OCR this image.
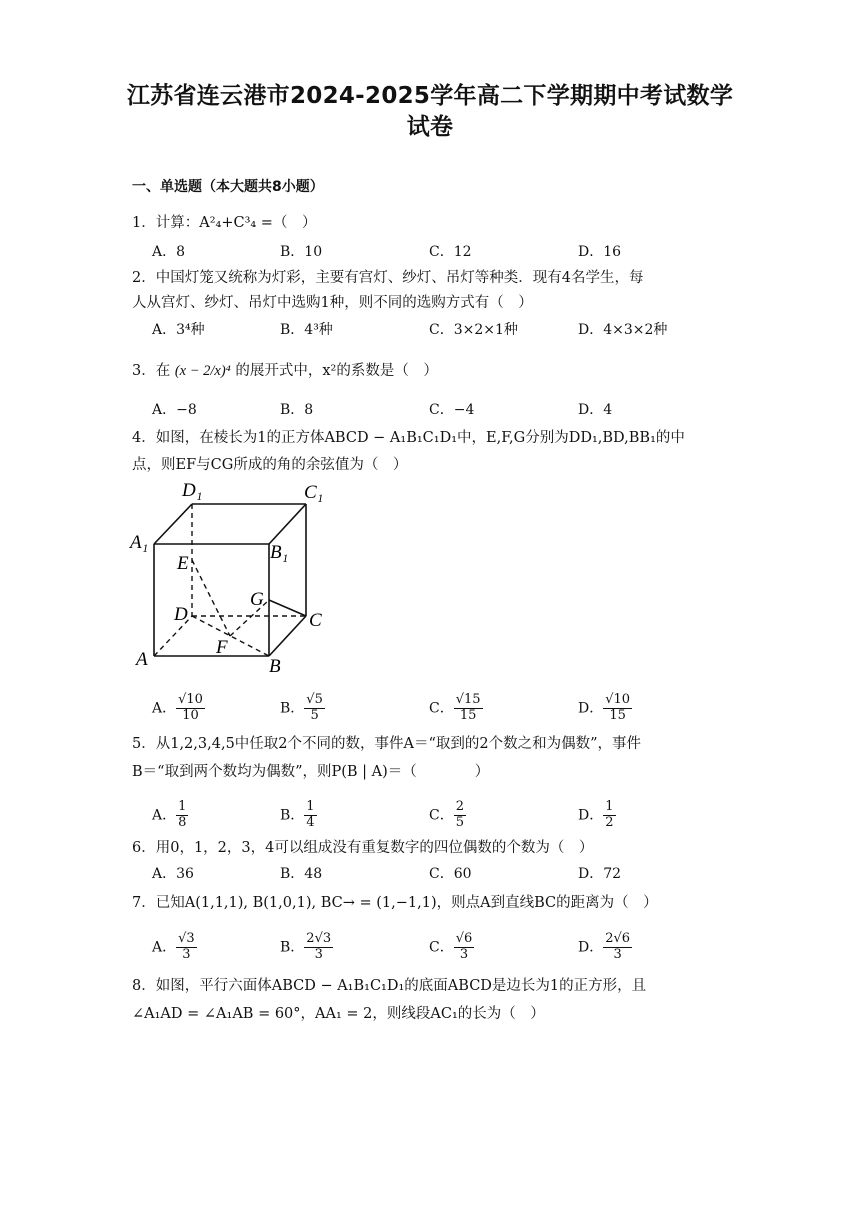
江苏省连云港市2024-2025学年高二下学期期中考试数学
试卷
一、单选题（本大题共8小题）
1．计算：A²₄+C³₄ =（　）
A．8	B．10	C．12	D．16
2．中国灯笼又统称为灯彩，主要有宫灯、纱灯、吊灯等种类．现有4名学生，每
人从宫灯、纱灯、吊灯中选购1种，则不同的选购方式有（　）
A．3⁴种	B．4³种	C．3×2×1种	D．4×3×2种
3．在 (x − 2/x)⁴ 的展开式中，x²的系数是（　）
A．−8	B．8	C．−4	D．4
4．如图，在棱长为1的正方体ABCD − A₁B₁C₁D₁中，E,F,G分别为DD₁,BD,BB₁的中
点，则EF与CG所成的角的余弦值为（　）
D₁	C₁
A₁	B₁
E
G
D	C
A
F
B
A． $\frac{√10}{10}$	B． $\frac{√5}{5}$	C． $\frac{√15}{15}$	D． $\frac{√10}{15}$
5．从1,2,3,4,5中任取2个不同的数，事件A＝“取到的2个数之和为偶数”，事件
B＝“取到两个数均为偶数”，则P(B | A)＝（　　　　）
A． $\frac{1}{8}$	B． $\frac{1}{4}$	C． $\frac{2}{5}$	D． $\frac{1}{2}$
6．用0，1，2，3，4可以组成没有重复数字的四位偶数的个数为（　）
A．36	B．48	C．60	D．72
7．已知A(1,1,1), B(1,0,1), BC→ = (1,−1,1)，则点A到直线BC的距离为（　）
A． $\frac{√3}{3}$	B． $\frac{2√3}{3}$	C． $\frac{√6}{3}$	D． $\frac{2√6}{3}$
8．如图，平行六面体ABCD − A₁B₁C₁D₁的底面ABCD是边长为1的正方形，且
∠A₁AD = ∠A₁AB = 60°，AA₁ = 2，则线段AC₁的长为（　）
